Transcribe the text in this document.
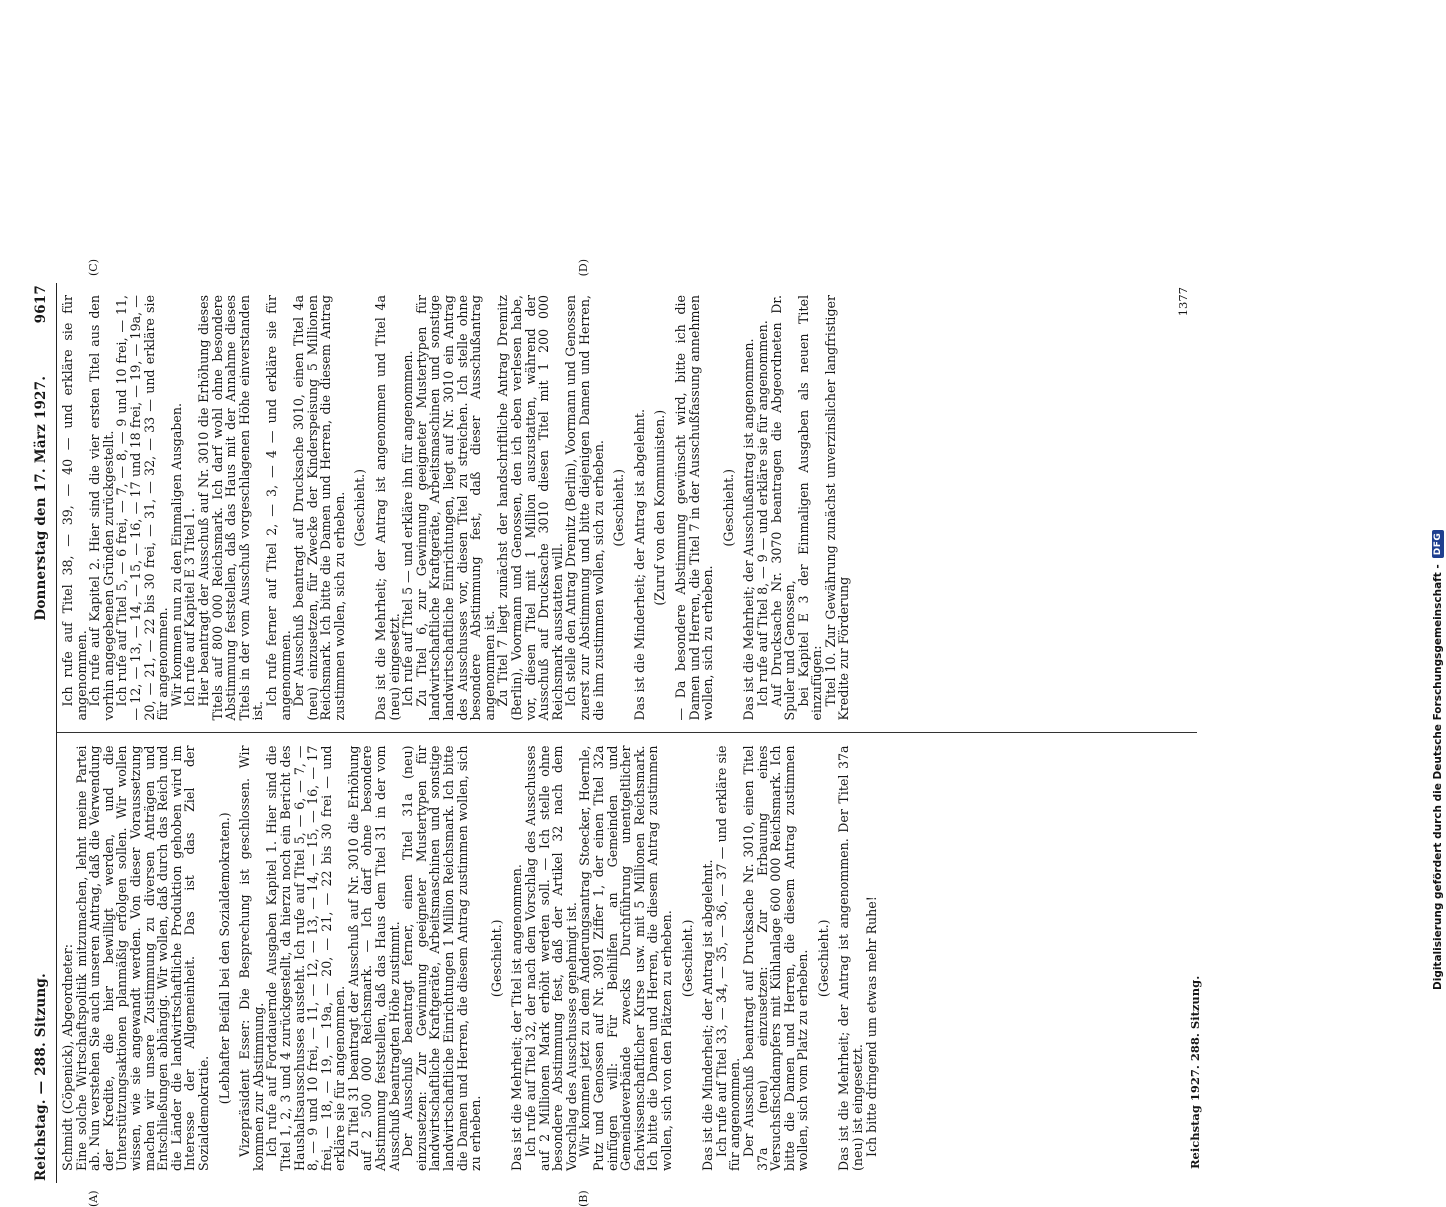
Reichstag. — 288. Sitzung.
Donnerstag den 17. März 1927.
9617

Schmidt (Cöpenick), Abgeordneter:

Eine solche Wirtschaftspolitik mitzumachen, lehnt meine Partei ab. Nun verstehen Sie auch unseren Antrag, daß die Verwendung der Kredite, die hier bewilligt werden, und die Unterstützungsaktionen planmäßig erfolgen sollen. Wir wollen wissen, wie sie angewandt werden. Von dieser Voraussetzung machen wir unsere Zustimmung zu diversen Anträgen und Entschließungen abhängig. Wir wollen, daß durch das Reich und die Länder die landwirtschaftliche Produktion gehoben wird im Interesse der Allgemeinheit. Das ist das Ziel der Sozialdemokratie.

(Lebhafter Beifall bei den Sozialdemokraten.) Vizepräsident Esser: Die Besprechung ist geschlossen. Wir kommen zur Abstimmung.

Ich rufe auf Fortdauernde Ausgaben Kapitel 1. Hier sind die Titel 1, 2, 3 und 4 zurückgestellt, da hierzu noch ein Bericht des Haushaltsausschusses aussteht. Ich rufe auf Titel 5, — 6, — 7, — 8, — 9 und 10 frei, — 11, — 12, — 13, — 14, — 15, — 16, — 17 frei, — 18, — 19, — 19a, — 20, — 21, — 22 bis 30 frei — und erkläre sie für angenommen.

Zu Titel 31 beantragt der Ausschuß auf Nr. 3010 die Erhöhung auf 2 500 000 Reichsmark. — Ich darf ohne besondere Abstimmung feststellen, daß das Haus dem Titel 31 in der vom Ausschuß beantragten Höhe zustimmt.

Der Ausschuß beantragt ferner, einen Titel 31a (neu) einzusetzen: Zur Gewinnung geeigneter Mustertypen für landwirtschaftliche Kraftgeräte, Arbeitsmaschinen und sonstige landwirtschaftliche Einrichtungen 1 Million Reichsmark. Ich bitte die Damen und Herren, die diesem Antrag zustimmen wollen, sich zu erheben.

(Geschieht.) Das ist die Mehrheit; der Titel ist angenommen.

Ich rufe auf Titel 32, der nach dem Vorschlag des Ausschusses auf 2 Millionen Mark erhöht werden soll. — Ich stelle ohne besondere Abstimmung fest, daß der Artikel 32 nach dem Vorschlag des Ausschusses genehmigt ist.

Wir kommen jetzt zu dem Änderungsantrag Stoecker, Hoernle, Putz und Genossen auf Nr. 3091 Ziffer 1, der einen Titel 32a einfügen will: Für Beihilfen an Gemeinden und Gemeindeverbände zwecks Durchführung unentgeltlicher fachwissenschaftlicher Kurse usw. mit 5 Millionen Reichsmark. Ich bitte die Damen und Herren, die diesem Antrag zustimmen wollen, sich von den Plätzen zu erheben. (Geschieht.) Das ist die Minderheit; der Antrag ist abgelehnt.

Ich rufe auf Titel 33, — 34, — 35, — 36, — 37 — und erkläre sie für angenommen.

Der Ausschuß beantragt auf Drucksache Nr. 3010, einen Titel 37a (neu) einzusetzen: Zur Erbauung eines Versuchsfischdampfers mit Kühlanlage 600 000 Reichsmark. Ich bitte die Damen und Herren, die diesem Antrag zustimmen wollen, sich vom Platz zu erheben. (Geschieht.) Das ist die Mehrheit; der Antrag ist angenommen. Der Titel 37a (neu) ist eingesetzt.

Ich bitte dringend um etwas mehr Ruhe!

(A)	(B)
Reichstag 1927. 288. Sitzung.

Ich rufe auf Titel 38, — 39, — 40 — und erkläre sie für angenommen.

Ich rufe auf Kapitel 2. Hier sind die vier ersten Titel aus den vorhin angegebenen Gründen zurückgestellt.

Ich rufe auf Titel 5, — 6 frei, — 7, — 8, — 9 und 10 frei, — 11, — 12, — 13, — 14, — 15, — 16, — 17 und 18 frei, — 19, — 19a, — 20, — 21, — 22 bis 30 frei, — 31, — 32, — 33 — und erkläre sie für angenommen.

Wir kommen nun zu den Einmaligen Ausgaben.

Ich rufe auf Kapitel E 3 Titel 1.

Hier beantragt der Ausschuß auf Nr. 3010 die Erhöhung dieses Titels auf 800 000 Reichsmark. Ich darf wohl ohne besondere Abstimmung feststellen, daß das Haus mit der Annahme dieses Titels in der vom Ausschuß vorgeschlagenen Höhe einverstanden ist.

Ich rufe ferner auf Titel 2, — 3, — 4 — und erkläre sie für angenommen.

Der Ausschuß beantragt auf Drucksache 3010, einen Titel 4a (neu) einzusetzen, für Zwecke der Kinderspeisung 5 Millionen Reichsmark. Ich bitte die Damen und Herren, die diesem Antrag zustimmen wollen, sich zu erheben. (Geschieht.) Das ist die Mehrheit; der Antrag ist angenommen und Titel 4a (neu) eingesetzt.

Ich rufe auf Titel 5 — und erkläre ihn für angenommen.

Zu Titel 6, zur Gewinnung geeigneter Mustertypen für landwirtschaftliche Kraftgeräte, Arbeitsmaschinen und sonstige landwirtschaftliche Einrichtungen, liegt auf Nr. 3010 ein Antrag des Ausschusses vor, diesen Titel zu streichen. Ich stelle ohne besondere Abstimmung fest, daß dieser Ausschußantrag angenommen ist.

Zu Titel 7 liegt zunächst der handschriftliche Antrag Dremitz (Berlin), Voormann und Genossen, den ich eben verlesen habe, vor, diesen Titel mit 1 Million auszustatten, während der Ausschuß auf Drucksache 3010 diesen Titel mit 1 200 000 Reichsmark ausstatten will.

Ich stelle den Antrag Dremitz (Berlin), Voormann und Genossen zuerst zur Abstimmung und bitte diejenigen Damen und Herren, die ihm zustimmen wollen, sich zu erheben. (Geschieht.) Das ist die Minderheit; der Antrag ist abgelehnt. (Zuruf von den Kommunisten.) — Da besondere Abstimmung gewünscht wird, bitte ich die Damen und Herren, die Titel 7 in der Ausschußfassung annehmen wollen, sich zu erheben.

(Geschieht.) Das ist die Mehrheit; der Ausschußantrag ist angenommen.

Ich rufe auf Titel 8, — 9 — und erkläre sie für angenommen.

Auf Drucksache Nr. 3070 beantragen die Abgeordneten Dr. Spuler und Genossen,

bei Kapitel E 3 der Einmaligen Ausgaben als neuen Titel einzufügen:

Titel 10. Zur Gewährung zunächst unverzinslicher langfristiger Kredite zur Förderung

(C)	(D)
1377
Digitalisierung gefördert durch die Deutsche Forschungsgemeinschaft -
DFG
